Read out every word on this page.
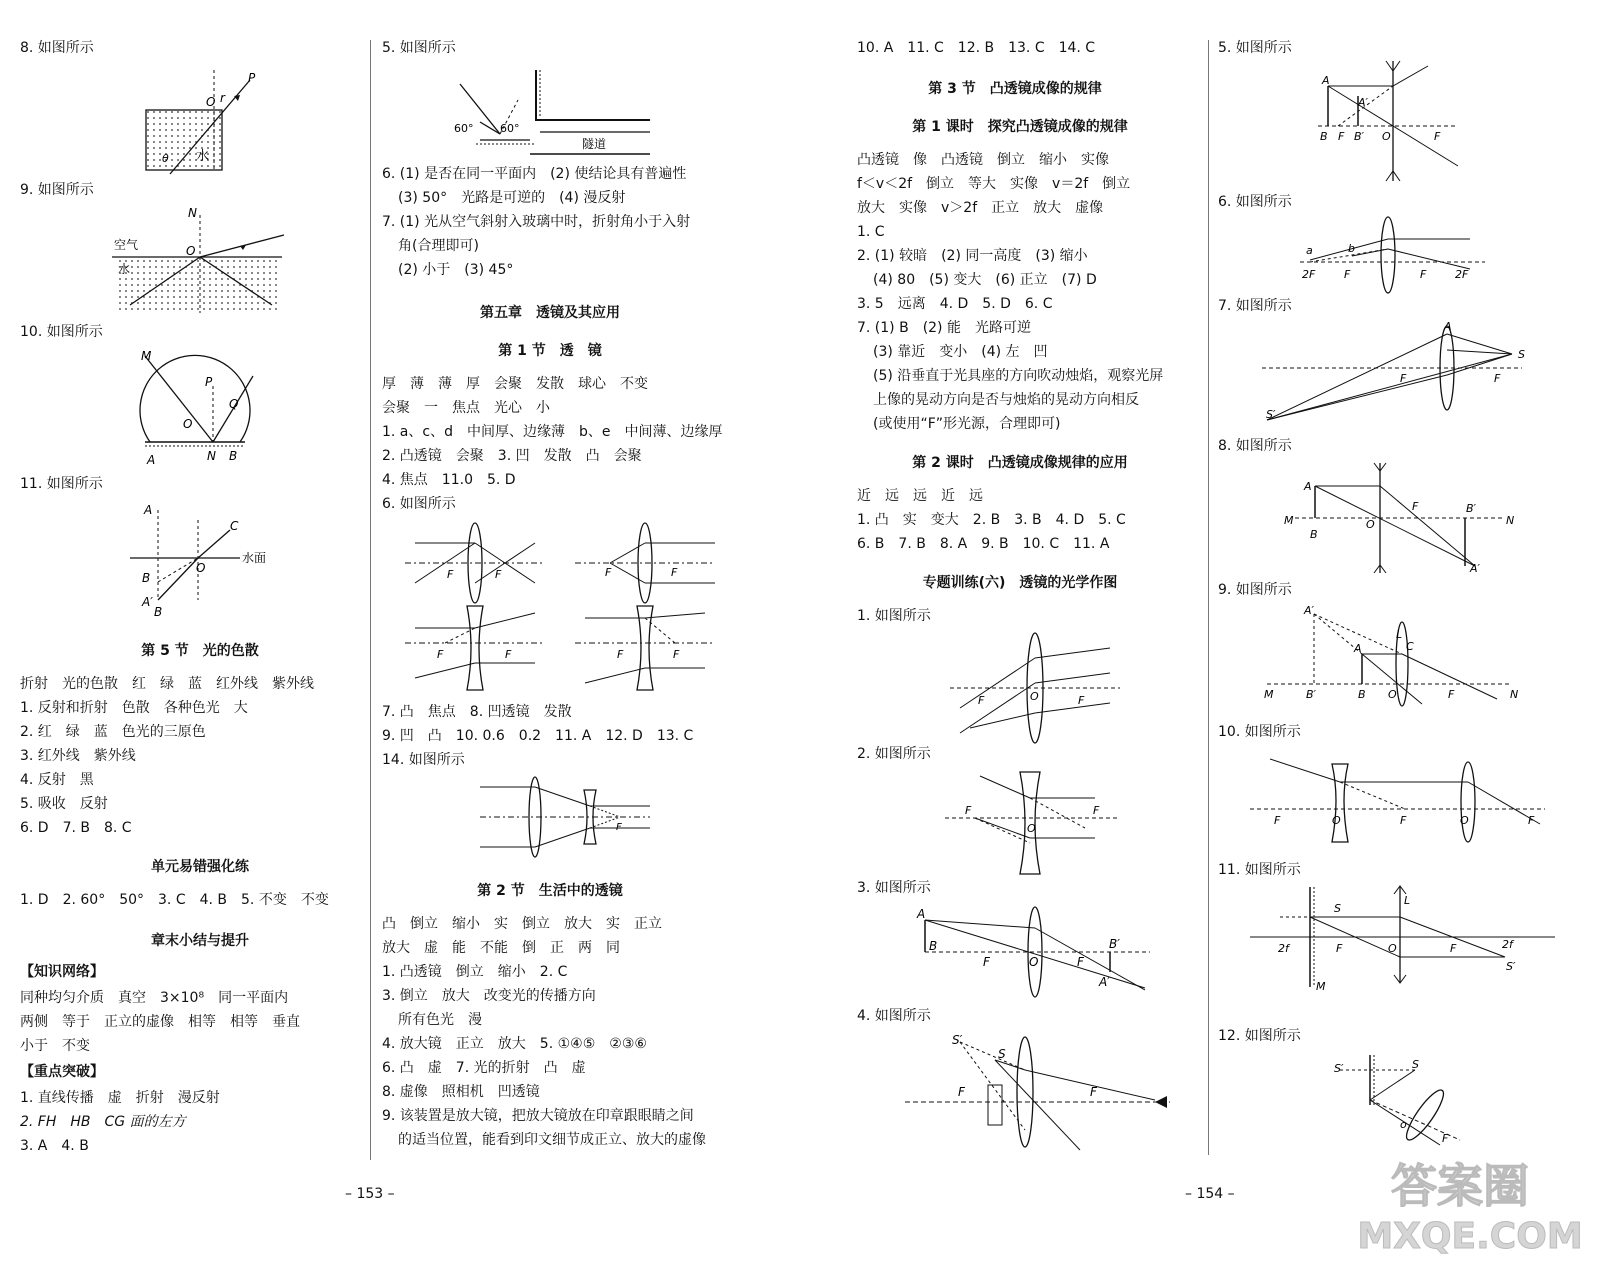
8. 如图所示
O r
P
θ 水
9. 如图所示
N
O
空气
水
10. 如图所示
M
P
O
Q
A	N B
11. 如图所示
A
C
O
水面
B
A′
B
第 5 节　光的色散
折射　光的色散　红　绿　蓝　红外线　紫外线
1. 反射和折射　色散　各种色光　大
2. 红　绿　蓝　色光的三原色
3. 红外线　紫外线
4. 反射　黑
5. 吸收　反射
6. D　7. B　8. C
单元易错强化练
1. D　2. 60°　50°　3. C　4. B　5. 不变　不变
章末小结与提升
【知识网络】
同种均匀介质　真空　3×10⁸　同一平面内
两侧　等于　正立的虚像　相等　相等　垂直
小于　不变
【重点突破】
1. 直线传播　虚　折射　漫反射
2. FH　HB　CG 面的左方
3. A　4. B
5. 如图所示
60° 60°
隧道
6. (1) 是否在同一平面内　(2) 使结论具有普遍性
(3) 50°　光路是可逆的　(4) 漫反射
7. (1) 光从空气斜射入玻璃中时，折射角小于入射
角(合理即可)
(2) 小于　(3) 45°
第五章　透镜及其应用
第 1 节　透　镜
厚　薄　薄　厚　会聚　发散　球心　不变
会聚　一　焦点　光心　小
1. a、c、d　中间厚、边缘薄　b、e　中间薄、边缘厚
2. 凸透镜　会聚　3. 凹　发散　凸　会聚
4. 焦点　11.0　5. D
6. 如图所示
F	F	F	F
F	F	F	F
7. 凸　焦点　8. 凹透镜　发散
9. 凹　凸　10. 0.6　0.2　11. A　12. D　13. C
14. 如图所示
F
第 2 节　生活中的透镜
凸　倒立　缩小　实　倒立　放大　实　正立
放大　虚　能　不能　倒　正　两　同
1. 凸透镜　倒立　缩小　2. C
3. 倒立　放大　改变光的传播方向
所有色光　漫
4. 放大镜　正立　放大　5. ①④⑤　②③⑥
6. 凸　虚　7. 光的折射　凸　虚
8. 虚像　照相机　凹透镜
9. 该装置是放大镜，把放大镜放在印章跟眼睛之间
的适当位置，能看到印文细节成正立、放大的虚像
– 153 –
10. A　11. C　12. B　13. C　14. C
第 3 节　凸透镜成像的规律
第 1 课时　探究凸透镜成像的规律
凸透镜　像　凸透镜　倒立　缩小　实像
f＜v＜2f　倒立　等大　实像　v＝2f　倒立
放大　实像　v＞2f　正立　放大　虚像
1. C
2. (1) 较暗　(2) 同一高度　(3) 缩小
(4) 80　(5) 变大　(6) 正立　(7) D
3. 5　远离　4. D　5. D　6. C
7. (1) B　(2) 能　光路可逆
(3) 靠近　变小　(4) 左　凹
(5) 沿垂直于光具座的方向吹动烛焰，观察光屏
上像的晃动方向是否与烛焰的晃动方向相反
(或使用“F”形光源，合理即可)
第 2 课时　凸透镜成像规律的应用
近　远　远　近　远
1. 凸　实　变大　2. B　3. B　4. D　5. C
6. B　7. B　8. A　9. B　10. C　11. A
专题训练(六)　透镜的光学作图
1. 如图所示
F	O	F
2. 如图所示
F
O
F
3. 如图所示
A
B
F	O	F
B′
A′
4. 如图所示
S′
S
F	F
– 154 –
5. 如图所示
A
A′
B F B′ O	F
6. 如图所示
a	b
2F	F	F	2F
7. 如图所示
A
S
S′
F	F
8. 如图所示
A
M
B
O
F	B′
N
A′
9. 如图所示
A′
L
A	C
M	B′	B O	F	N
10. 如图所示
F	O	F	O	F
11. 如图所示
S
L
2f	F	O	F	2f
S′
M
12. 如图所示
S′	S
o
F
答案圈
MXQE.COM
